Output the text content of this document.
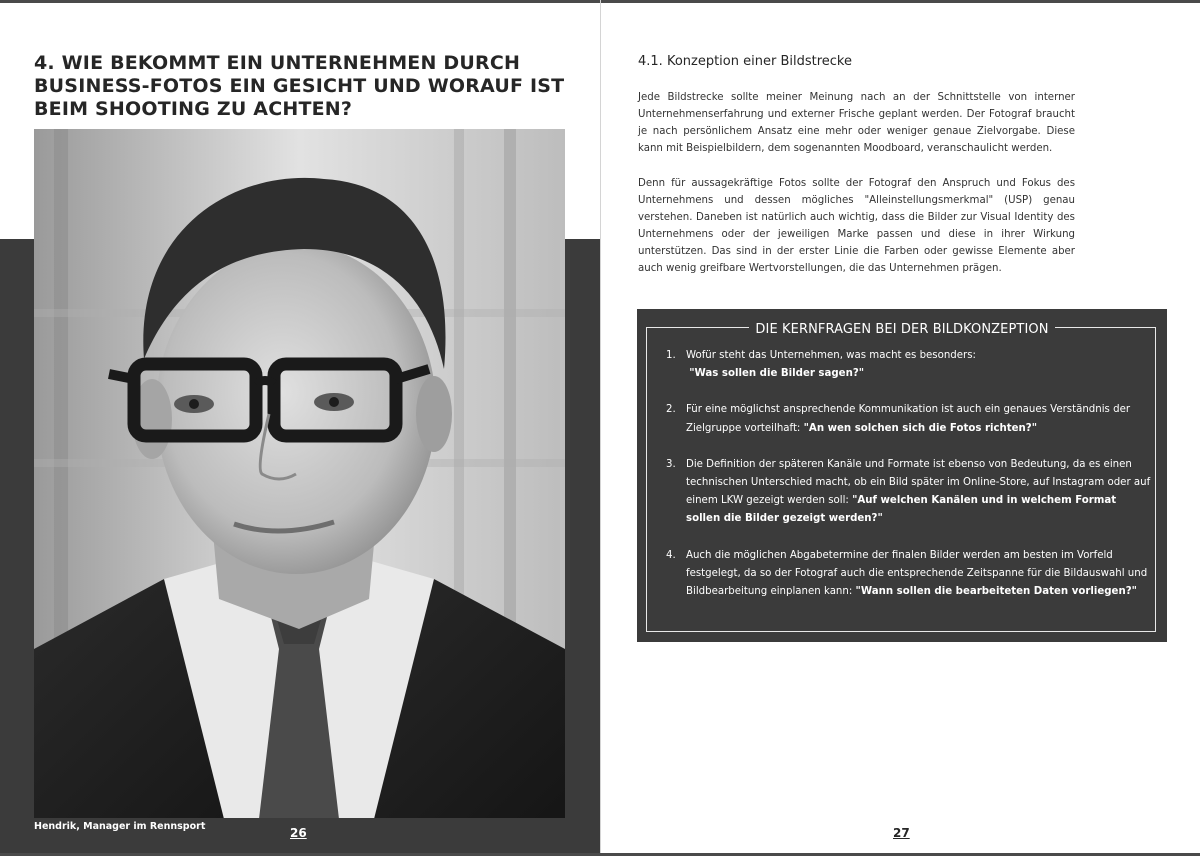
4. WIE BEKOMMT EIN UNTERNEHMEN DURCH BUSINESS-FOTOS EIN GESICHT UND WORAUF IST BEIM SHOOTING ZU ACHTEN?
Hendrik, Manager im Rennsport	26
4.1. Konzeption einer Bildstrecke

Jede Bildstrecke sollte meiner Meinung nach an der Schnittstelle von interner Unternehmenserfahrung und externer Frische geplant werden. Der Fotograf braucht je nach persönlichem Ansatz eine mehr oder weniger genaue Zielvorgabe. Diese kann mit Beispielbildern, dem sogenannten Moodboard, veranschaulicht werden.

Denn für aussagekräftige Fotos sollte der Fotograf den Anspruch und Fokus des Unternehmens und dessen mögliches "Alleinstellungsmerkmal" (USP) genau verstehen. Daneben ist natürlich auch wichtig, dass die Bilder zur Visual Identity des Unternehmens oder der jeweiligen Marke passen und diese in ihrer Wirkung unterstützen. Das sind in der erster Linie die Farben oder gewisse Elemente aber auch wenig greifbare Wertvorstellungen, die das Unternehmen prägen.

DIE KERNFRAGEN BEI DER BILDKONZEPTION
1. Wofür steht das Unternehmen, was macht es besonders:
"Was sollen die Bilder sagen?"
2. Für eine möglichst ansprechende Kommunikation ist auch ein genaues Verständnis der Zielgruppe vorteilhaft: "An wen solchen sich die Fotos richten?"
3. Die Definition der späteren Kanäle und Formate ist ebenso von Bedeutung, da es einen technischen Unterschied macht, ob ein Bild später im Online-Store, auf Instagram oder auf einem LKW gezeigt werden soll: "Auf welchen Kanälen und in welchem Format sollen die Bilder gezeigt werden?"
4. Auch die möglichen Abgabetermine der finalen Bilder werden am besten im Vorfeld festgelegt, da so der Fotograf auch die entsprechende Zeitspanne für die Bildauswahl und Bildbearbeitung einplanen kann: "Wann sollen die bearbeiteten Daten vorliegen?"
27
